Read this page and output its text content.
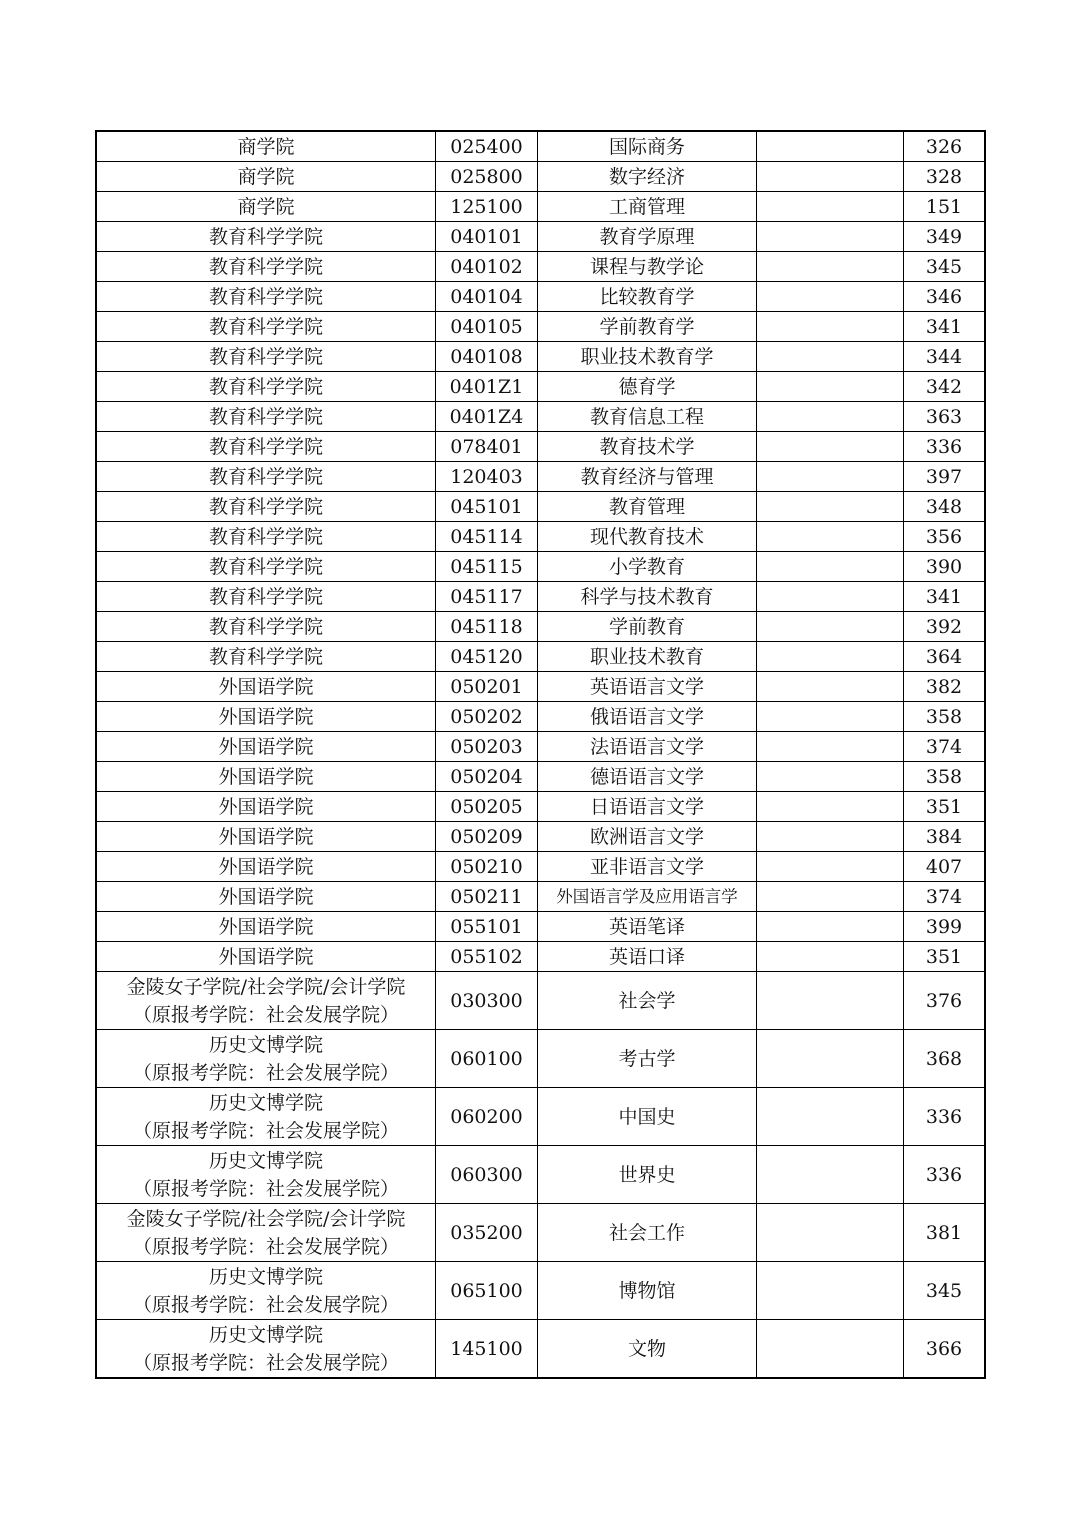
商学院	025400	国际商务		326
商学院	025800	数字经济		328
商学院	125100	工商管理		151
教育科学学院	040101	教育学原理		349
教育科学学院	040102	课程与教学论		345
教育科学学院	040104	比较教育学		346
教育科学学院	040105	学前教育学		341
教育科学学院	040108	职业技术教育学		344
教育科学学院	0401Z1	德育学		342
教育科学学院	0401Z4	教育信息工程		363
教育科学学院	078401	教育技术学		336
教育科学学院	120403	教育经济与管理		397
教育科学学院	045101	教育管理		348
教育科学学院	045114	现代教育技术		356
教育科学学院	045115	小学教育		390
教育科学学院	045117	科学与技术教育		341
教育科学学院	045118	学前教育		392
教育科学学院	045120	职业技术教育		364
外国语学院	050201	英语语言文学		382
外国语学院	050202	俄语语言文学		358
外国语学院	050203	法语语言文学		374
外国语学院	050204	德语语言文学		358
外国语学院	050205	日语语言文学		351
外国语学院	050209	欧洲语言文学		384
外国语学院	050210	亚非语言文学		407
外国语学院	050211	外国语言学及应用语言学		374
外国语学院	055101	英语笔译		399
外国语学院	055102	英语口译		351

金陵女子学院/社会学院/会计学院
（原报考学院：社会发展学院）	030300	社会学		376

历史文博学院
（原报考学院：社会发展学院）	060100	考古学		368

历史文博学院
（原报考学院：社会发展学院）	060200	中国史		336

历史文博学院
（原报考学院：社会发展学院）	060300	世界史		336

金陵女子学院/社会学院/会计学院
（原报考学院：社会发展学院）	035200	社会工作		381

历史文博学院
（原报考学院：社会发展学院）	065100	博物馆		345

历史文博学院
（原报考学院：社会发展学院）	145100	文物		366
